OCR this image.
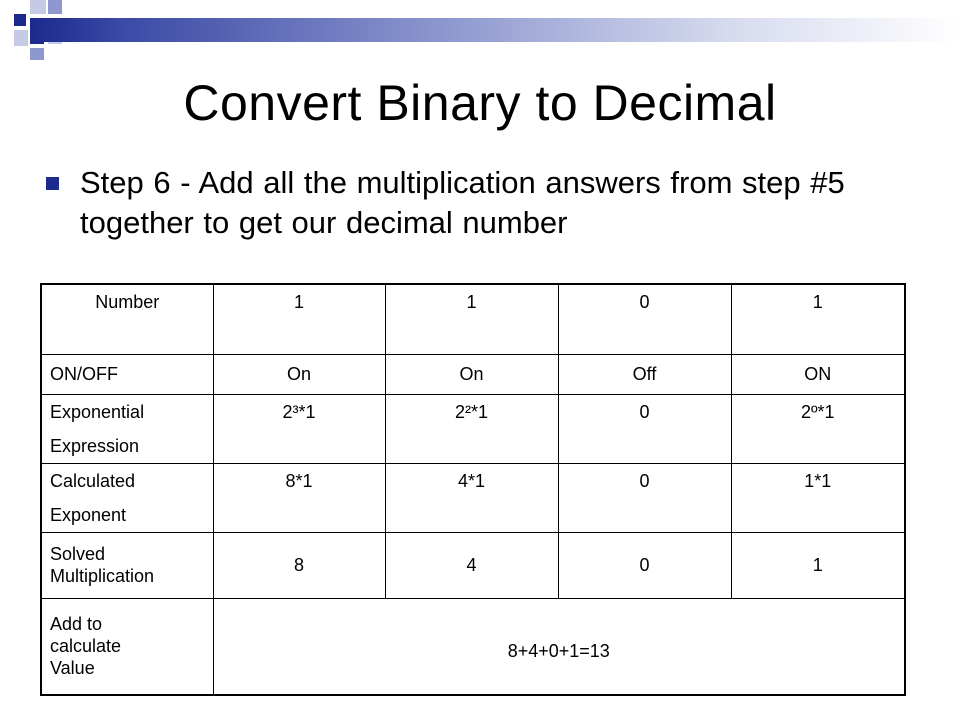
Convert Binary to Decimal
Step 6 - Add all the multiplication answers from step #5 together to get our decimal number
Number	1	1	0	1

ON/OFF	On	On	Off	ON

Exponential
Expression	2³*1	2²*1	0	2º*1

Calculated
Exponent	8*1	4*1	0	1*1

Solved
Multiplication	8	4	0	1

Add to
calculate
Value	8+4+0+1=13			
